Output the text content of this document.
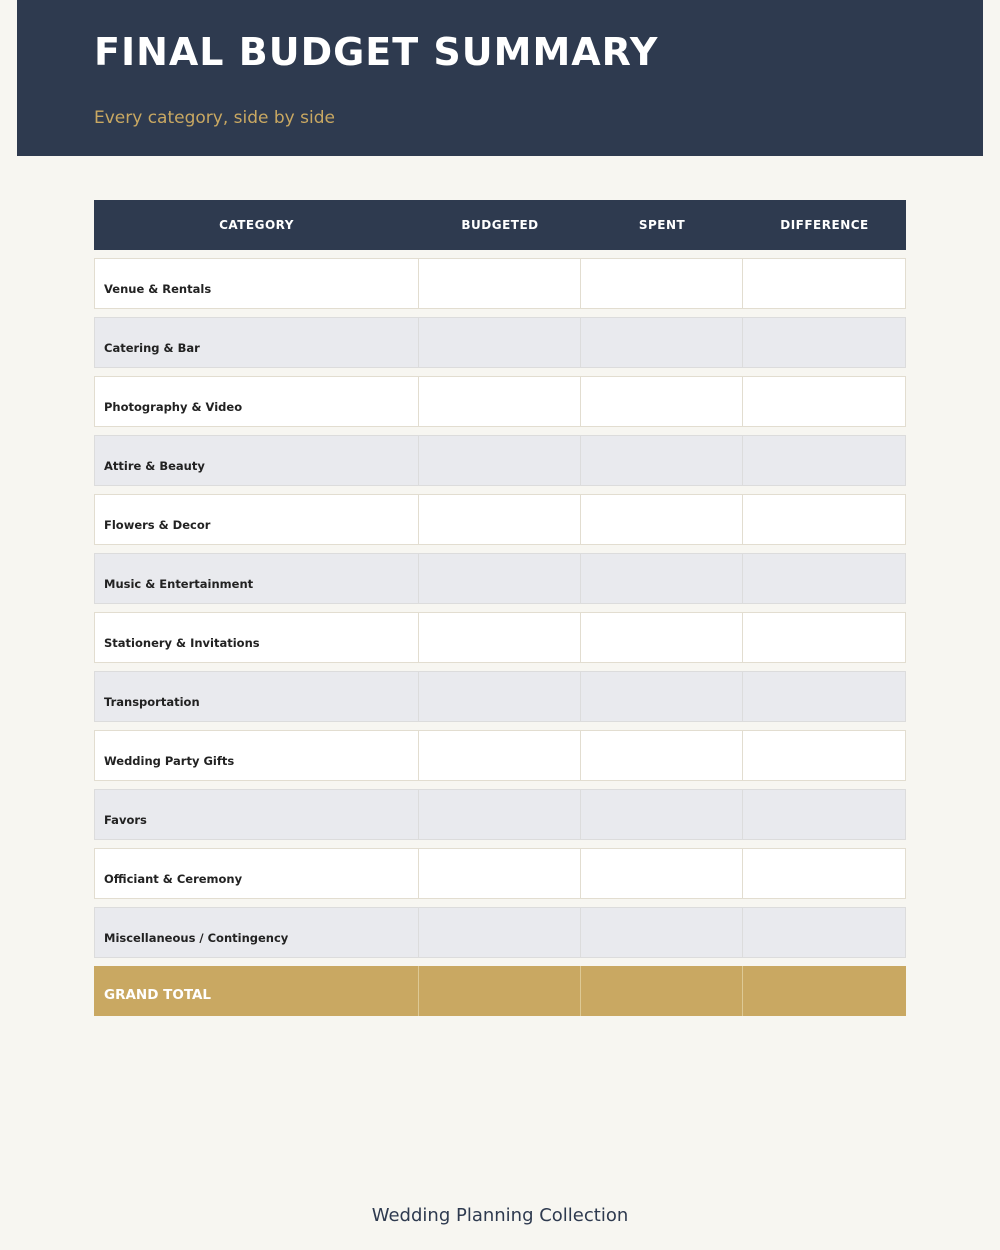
FINAL BUDGET SUMMARY
Every category, side by side
CATEGORY	BUDGETED	SPENT	DIFFERENCE
Venue & Rentals
Catering & Bar
Photography & Video
Attire & Beauty
Flowers & Decor
Music & Entertainment
Stationery & Invitations
Transportation
Wedding Party Gifts
Favors
Officiant & Ceremony
Miscellaneous / Contingency
GRAND TOTAL
Wedding Planning Collection
